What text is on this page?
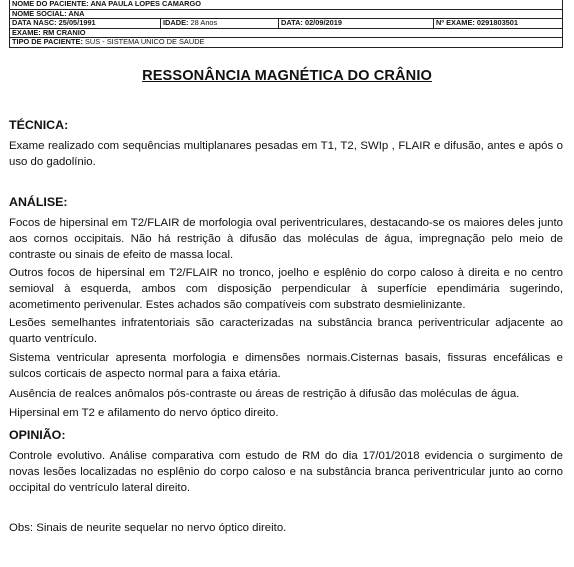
NOME DO PACIENTE: ANA PAULA LOPES CAMARGO
NOME SOCIAL: ANA
DATA NASC: 25/05/1991	IDADE: 28 Anos	DATA: 02/09/2019	Nº EXAME: 0291803501
EXAME: RM CRANIO
TIPO DE PACIENTE: SUS - SISTEMA UNICO DE SAUDE
RESSONÂNCIA MAGNÉTICA DO CRÂNIO
TÉCNICA:
Exame realizado com sequências multiplanares pesadas em T1, T2, SWIp , FLAIR e difusão, antes e após o uso do gadolínio.
ANÁLISE:
Focos de hipersinal em T2/FLAIR de morfologia oval periventriculares, destacando-se os maiores deles junto aos cornos occipitais. Não há restrição à difusão das moléculas de água, impregnação pelo meio de contraste ou sinais de efeito de massa local.
Outros focos de hipersinal em T2/FLAIR no tronco, joelho e esplênio do corpo caloso à direita e no centro semioval à esquerda, ambos com disposição perpendicular à superfície ependimária sugerindo, acometimento perivenular. Estes achados são compatíveis com substrato desmielinizante.
Lesões semelhantes infratentoriais são caracterizadas na substância branca periventricular adjacente ao quarto ventrículo.
Sistema ventricular apresenta morfologia e dimensões normais.Cisternas basais, fissuras encefálicas e sulcos corticais de aspecto normal para a faixa etária.
Ausência de realces anômalos pós-contraste ou áreas de restrição à difusão das moléculas de água.
Hipersinal em T2 e afilamento do nervo óptico direito.
OPINIÃO:
Controle evolutivo. Análise comparativa com estudo de RM do dia 17/01/2018 evidencia o surgimento de novas lesões localizadas no esplênio do corpo caloso e na substância branca periventricular junto ao corno occipital do ventrículo lateral direito.
Obs: Sinais de neurite sequelar no nervo óptico direito.
